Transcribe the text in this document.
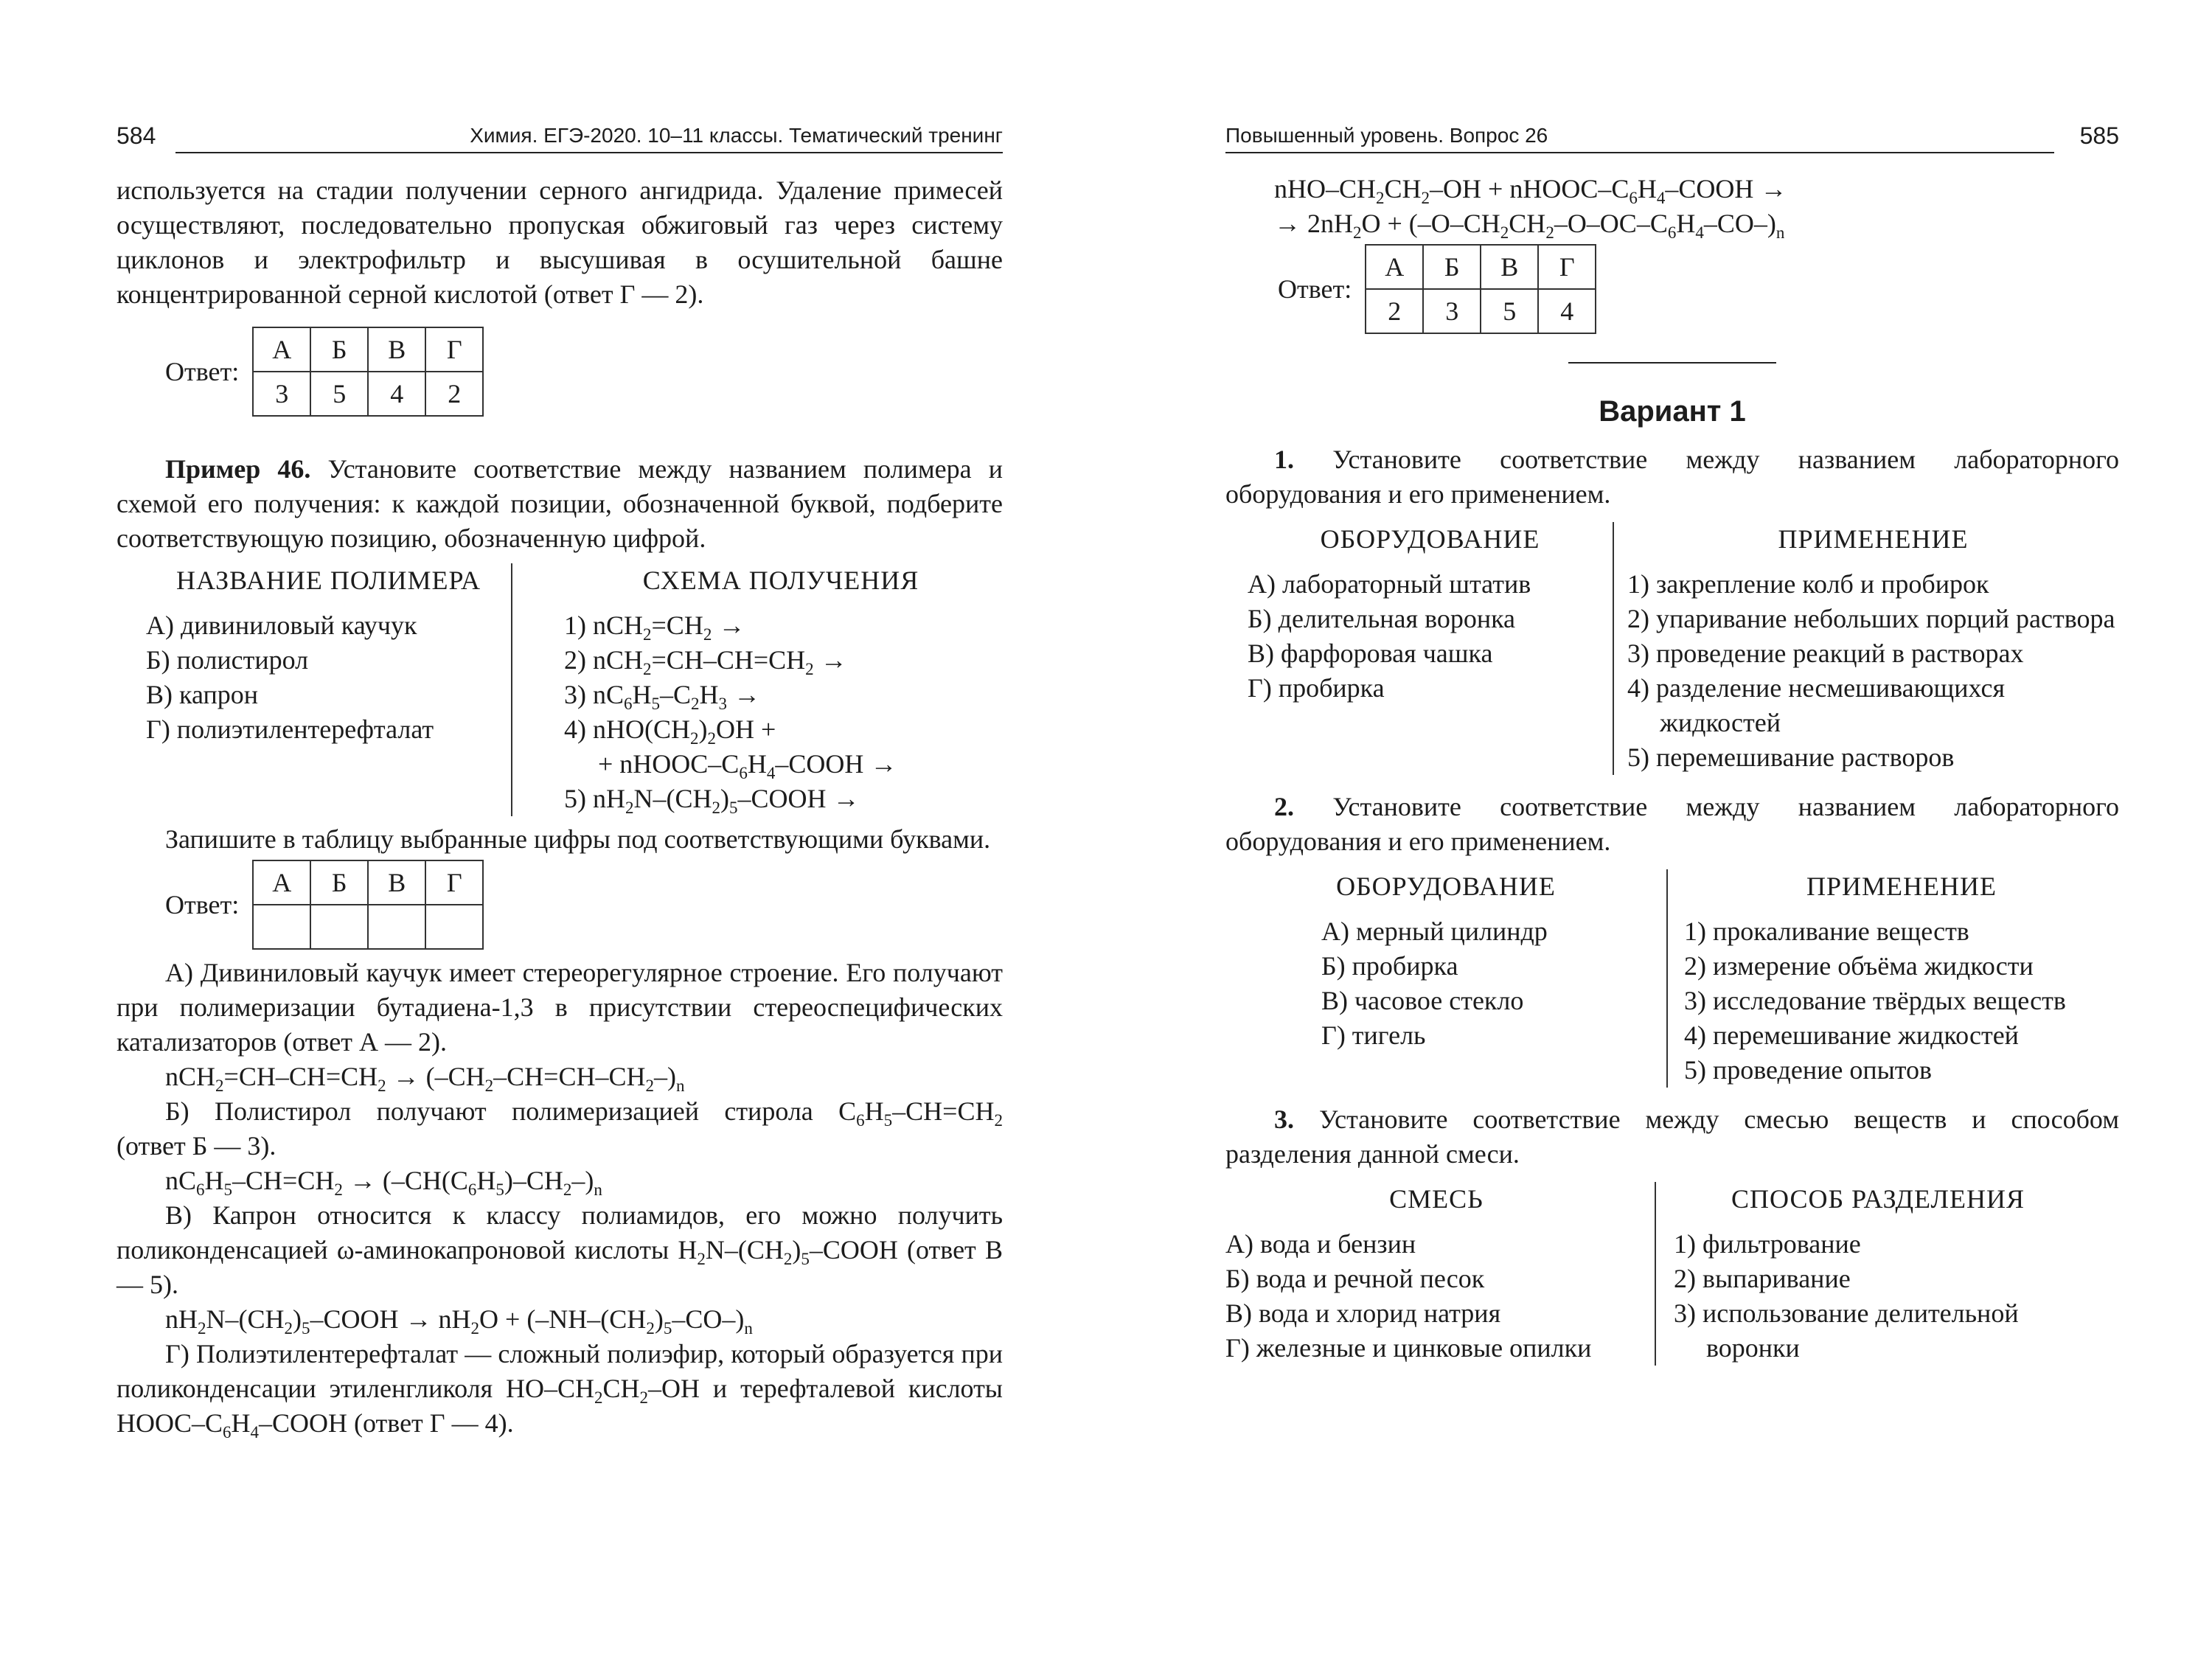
584	Химия. ЕГЭ-2020. 10–11 классы. Тематический тренинг

используется на стадии получении серного ангидрида. Удаление примесей осуществляют, последовательно пропуская обжиговый газ через систему циклонов и электрофильтр и высушивая в осушительной башне концентрированной серной кислотой (ответ Г — 2).

Ответ:
А	Б	В	Г
3	5	4	2

Пример 46. Установите соответствие между названием полимера и схемой его получения: к каждой позиции, обозначенной буквой, подберите соответствующую позицию, обозначенную цифрой.

НАЗВАНИЕ ПОЛИМЕРА
А) дивиниловый каучук
Б) полистирол
В) капрон
Г) полиэтилентерефталат
СХЕМА ПОЛУЧЕНИЯ
1) $nCH_2=CH_2$ →
2) $nCH_2=CH-CH=CH_2$ →
3) $nC_6H_5-C_2H_3$ →
4) $nHO(CH_2)_2OH$ +
+ nHOOC–$C_6H_4$–COOH →
5) $nH_2N-(CH_2)_5$–COOH →

Запишите в таблицу выбранные цифры под соответствующими буквами.

Ответ:
А	Б	В	Г

А) Дивиниловый каучук имеет стереорегулярное строение. Его получают при полимеризации бутадиена-1,3 в присутствии стереоспецифических катализаторов (ответ А — 2).

$nCH_2=CH-CH=CH_2 \to (-CH_2-CH=CH-CH_2-)_n$

Б) Полистирол получают полимеризацией стирола $C_6H_5-CH=CH_2$

(ответ Б — 3).

$nC_6H_5-CH=CH_2 \to (-CH(C_6H_5)-CH_2-)_n$

В) Капрон относится к классу полиамидов, его можно получить поликонденсацией ω-аминокапроновой кислоты $H_2N-(CH_2)_5$–COOH (ответ В — 5).

$nH_2N-(CH_2)_5$–COOH → $nH_2O + (-NH-(CH_2)_5-CO-)_n$

Г) Полиэтилентерефталат — сложный полиэфир, который образуется при поликонденсации этиленгликоля $HO-CH_2CH_2-OH$ и терефталевой кислоты HOOC–$C_6H_4$–COOH (ответ Г — 4).

Повышенный уровень. Вопрос 26	585

nHO–$CH_2CH_2-OH$ + nHOOC–$C_6H_4$–COOH →

→ $2nH_2O + (-O-CH_2CH_2-O-OC-C_6H_4-CO-)_n$

Ответ:
А	Б	В	Г
2	3	5	4
Вариант 1

1. Установите соответствие между названием лабораторного оборудования и его применением.

ОБОРУДОВАНИЕ
А) лабораторный штатив
Б) делительная воронка
В) фарфоровая чашка
Г) пробирка
ПРИМЕНЕНИЕ
1) закрепление колб и пробирок
2) упаривание небольших порций раствора
3) проведение реакций в растворах
4) разделение несмешивающихся жидкостей
5) перемешивание растворов

2. Установите соответствие между названием лабораторного оборудования и его применением.

ОБОРУДОВАНИЕ
А) мерный цилиндр
Б) пробирка
В) часовое стекло
Г) тигель
ПРИМЕНЕНИЕ
1) прокаливание веществ
2) измерение объёма жидкости
3) исследование твёрдых веществ
4) перемешивание жидкостей
5) проведение опытов

3. Установите соответствие между смесью веществ и способом разделения данной смеси.

СМЕСЬ
А) вода и бензин
Б) вода и речной песок
В) вода и хлорид натрия
Г) железные и цинковые опилки
СПОСОБ РАЗДЕЛЕНИЯ
1) фильтрование
2) выпаривание
3) использование делительной воронки
